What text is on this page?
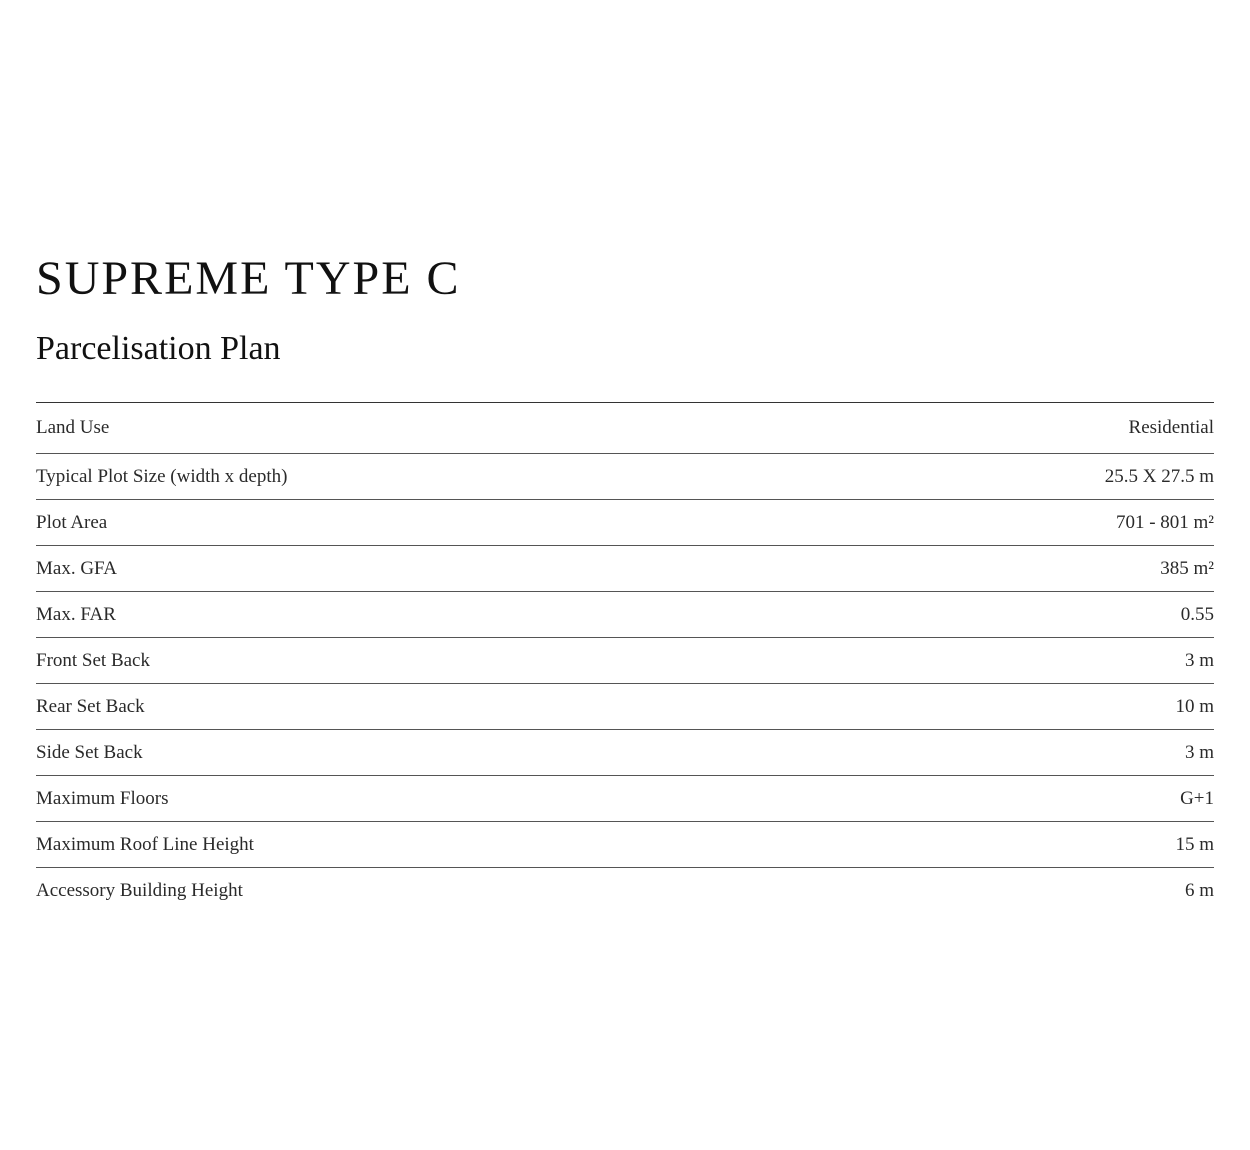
SUPREME TYPE C
Parcelisation Plan
Land Use	Residential
Typical Plot Size (width x depth)	25.5 X 27.5 m
Plot Area	701 - 801 m²
Max. GFA	385 m²
Max. FAR	0.55
Front Set Back	3 m
Rear Set Back	10 m
Side Set Back	3 m
Maximum Floors	G+1
Maximum Roof Line Height	15 m
Accessory Building Height	6 m
